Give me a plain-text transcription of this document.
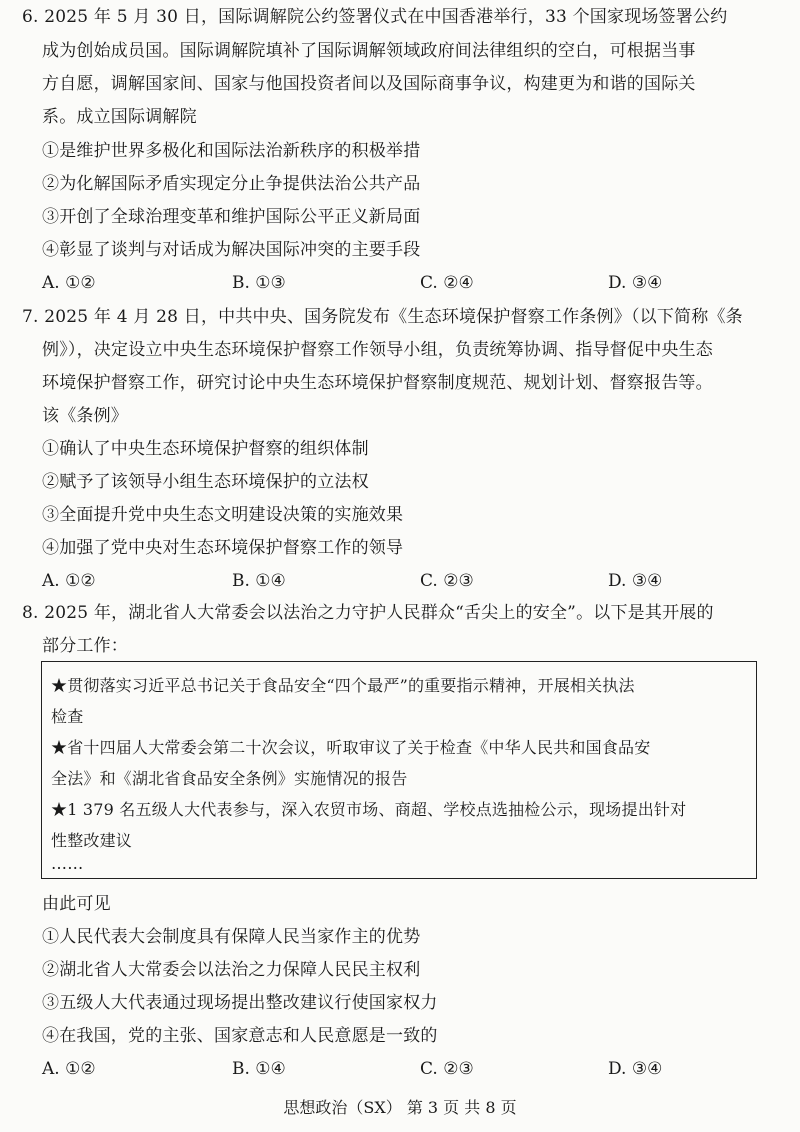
6. 2025 年 5 月 30 日，国际调解院公约签署仪式在中国香港举行，33 个国家现场签署公约
成为创始成员国。国际调解院填补了国际调解领域政府间法律组织的空白，可根据当事
方自愿，调解国家间、国家与他国投资者间以及国际商事争议，构建更为和谐的国际关
系。成立国际调解院
①是维护世界多极化和国际法治新秩序的积极举措
②为化解国际矛盾实现定分止争提供法治公共产品
③开创了全球治理变革和维护国际公平正义新局面
④彰显了谈判与对话成为解决国际冲突的主要手段
A. ①②	B. ①③	C. ②④	D. ③④
7. 2025 年 4 月 28 日，中共中央、国务院发布《生态环境保护督察工作条例》（以下简称《条
例》），决定设立中央生态环境保护督察工作领导小组，负责统筹协调、指导督促中央生态
环境保护督察工作，研究讨论中央生态环境保护督察制度规范、规划计划、督察报告等。
该《条例》
①确认了中央生态环境保护督察的组织体制
②赋予了该领导小组生态环境保护的立法权
③全面提升党中央生态文明建设决策的实施效果
④加强了党中央对生态环境保护督察工作的领导
A. ①②	B. ①④	C. ②③	D. ③④
8. 2025 年，湖北省人大常委会以法治之力守护人民群众“舌尖上的安全”。以下是其开展的
部分工作：
★贯彻落实习近平总书记关于食品安全“四个最严”的重要指示精神，开展相关执法
检查
★省十四届人大常委会第二十次会议，听取审议了关于检查《中华人民共和国食品安
全法》和《湖北省食品安全条例》实施情况的报告
★1 379 名五级人大代表参与，深入农贸市场、商超、学校点选抽检公示，现场提出针对
性整改建议
……
由此可见
①人民代表大会制度具有保障人民当家作主的优势
②湖北省人大常委会以法治之力保障人民民主权利
③五级人大代表通过现场提出整改建议行使国家权力
④在我国，党的主张、国家意志和人民意愿是一致的
A. ①②	B. ①④	C. ②③	D. ③④
思想政治（SX） 第 3 页 共 8 页
